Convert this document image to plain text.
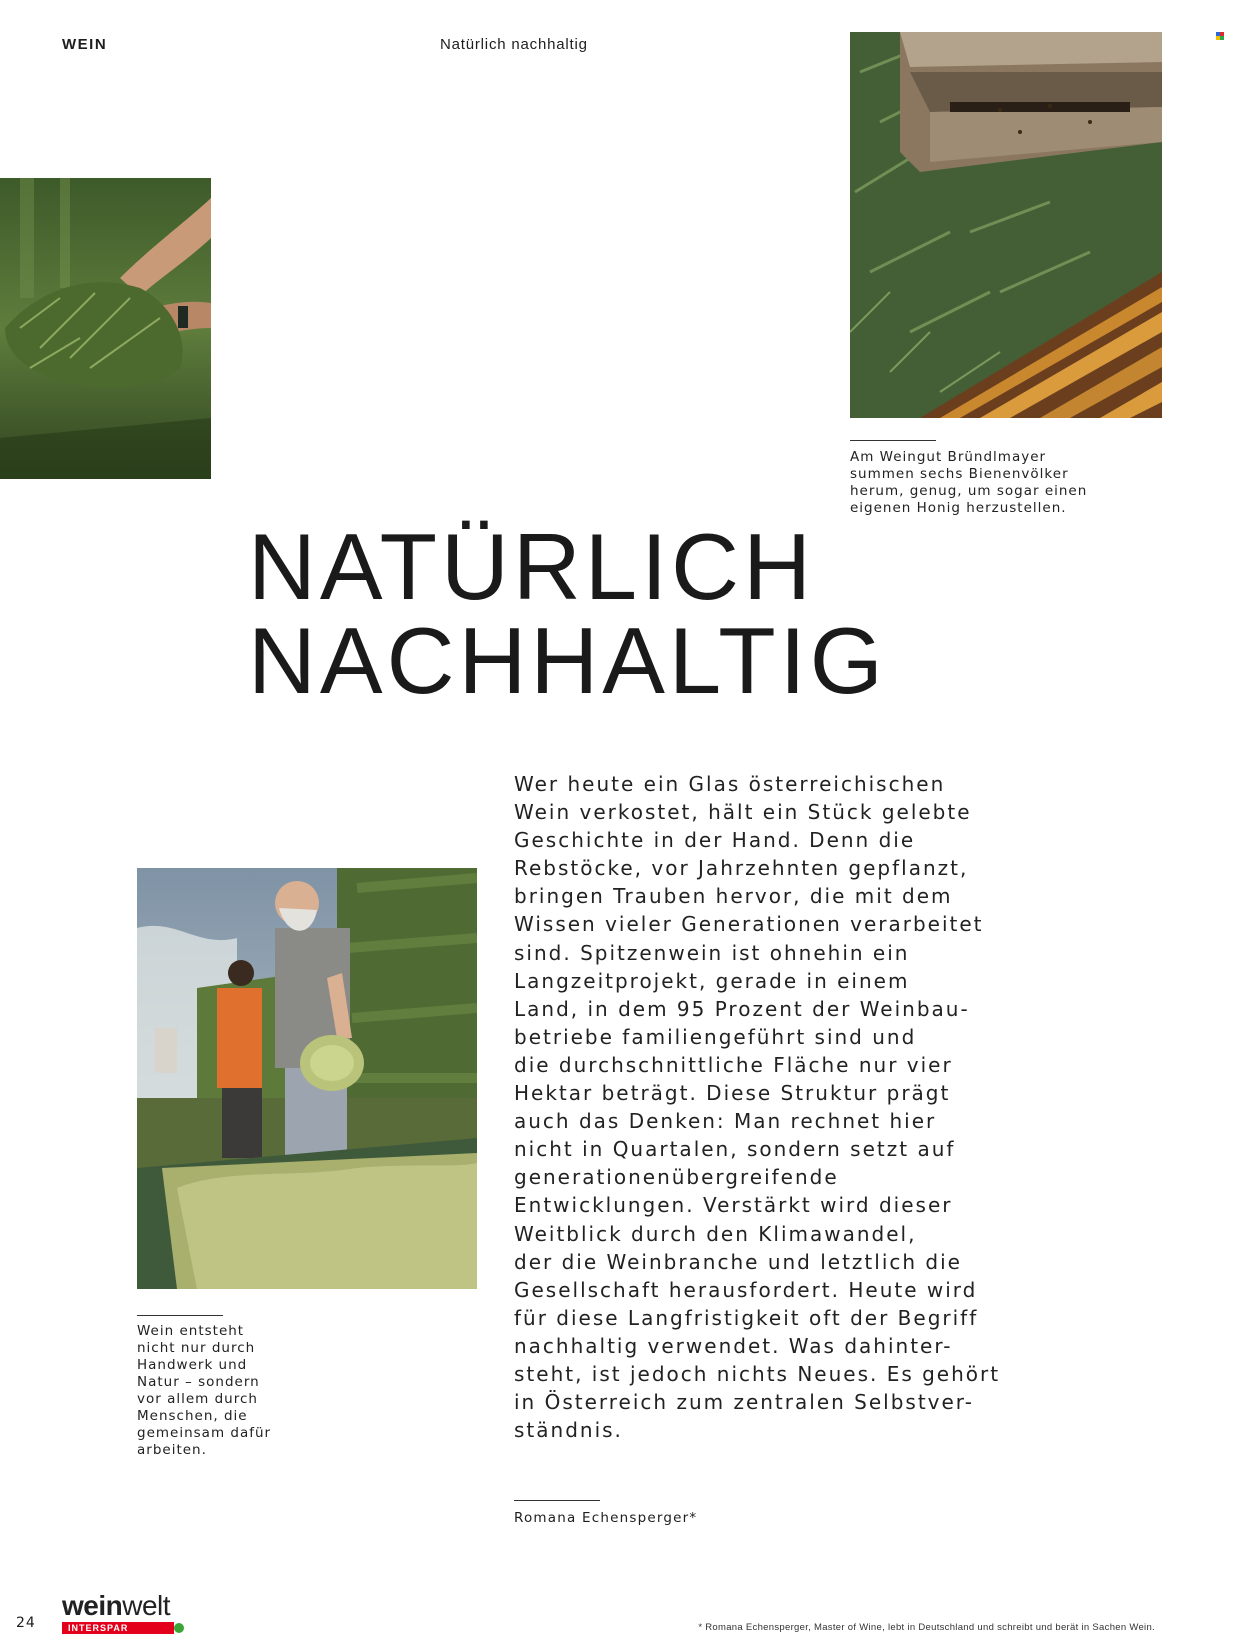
WEIN	Natürlich nachhaltig
Am Weingut Bründlmayer
summen sechs Bienenvölker
herum, genug, um sogar einen
eigenen Honig herzustellen.
NATÜRLICH
NACHHALTIG
Wein entsteht
nicht nur durch
Handwerk und
Natur – sondern
vor allem durch
Menschen, die
gemeinsam dafür
arbeiten.
Wer heute ein Glas österreichischen
Wein verkostet, hält ein Stück gelebte
Geschichte in der Hand. Denn die
Rebstöcke, vor Jahrzehnten gepflanzt,
bringen Trauben hervor, die mit dem
Wissen vieler Generationen verarbeitet
sind. Spitzenwein ist ohnehin ein
Langzeitprojekt, gerade in einem
Land, in dem 95 Prozent der Weinbau-
betriebe familiengeführt sind und
die durchschnittliche Fläche nur vier
Hektar beträgt. Diese Struktur prägt
auch das Denken: Man rechnet hier
nicht in Quartalen, sondern setzt auf
generationenübergreifende
Entwicklungen. Verstärkt wird dieser
Weitblick durch den Klimawandel,
der die Weinbranche und letztlich die
Gesellschaft herausfordert. Heute wird
für diese Langfristigkeit oft der Begriff
nachhaltig verwendet. Was dahinter-
steht, ist jedoch nichts Neues. Es gehört
in Österreich zum zentralen Selbstver-
ständnis.
Romana Echensperger*
24
weinwelt
INTERSPAR	* Romana Echensperger, Master of Wine, lebt in Deutschland und schreibt und berät in Sachen Wein.
